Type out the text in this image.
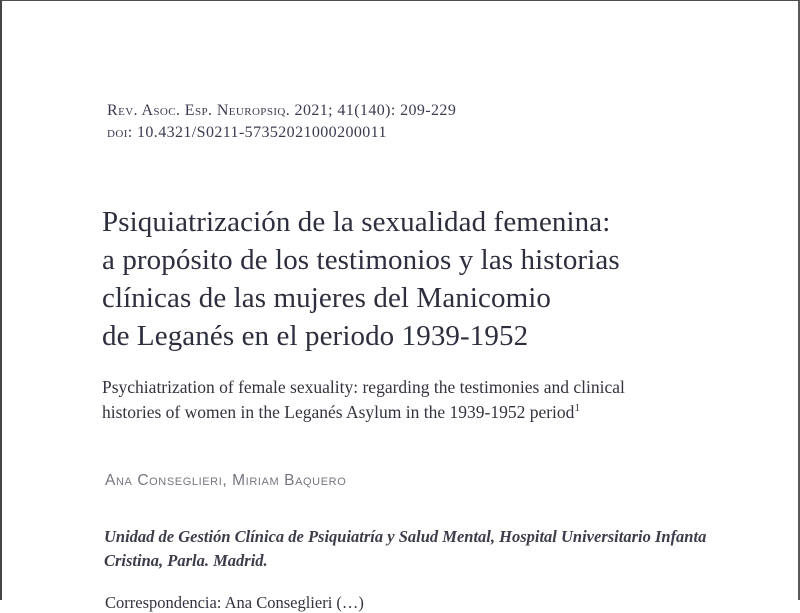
Rev. Asoc. Esp. Neuropsiq. 2021; 41(140): 209-229
doi: 10.4321/S0211-57352021000200011
Psiquiatrización de la sexualidad femenina:
a propósito de los testimonios y las historias
clínicas de las mujeres del Manicomio
de Leganés en el periodo 1939-1952
Psychiatrization of female sexuality: regarding the testimonies and clinical
histories of women in the Leganés Asylum in the 1939-1952 period$^1$
Ana Conseglieri, Miriam Baquero
Unidad de Gestión Clínica de Psiquiatría y Salud Mental, Hospital Universitario Infanta
Cristina, Parla. Madrid.
Correspondencia: Ana Conseglieri (…)
